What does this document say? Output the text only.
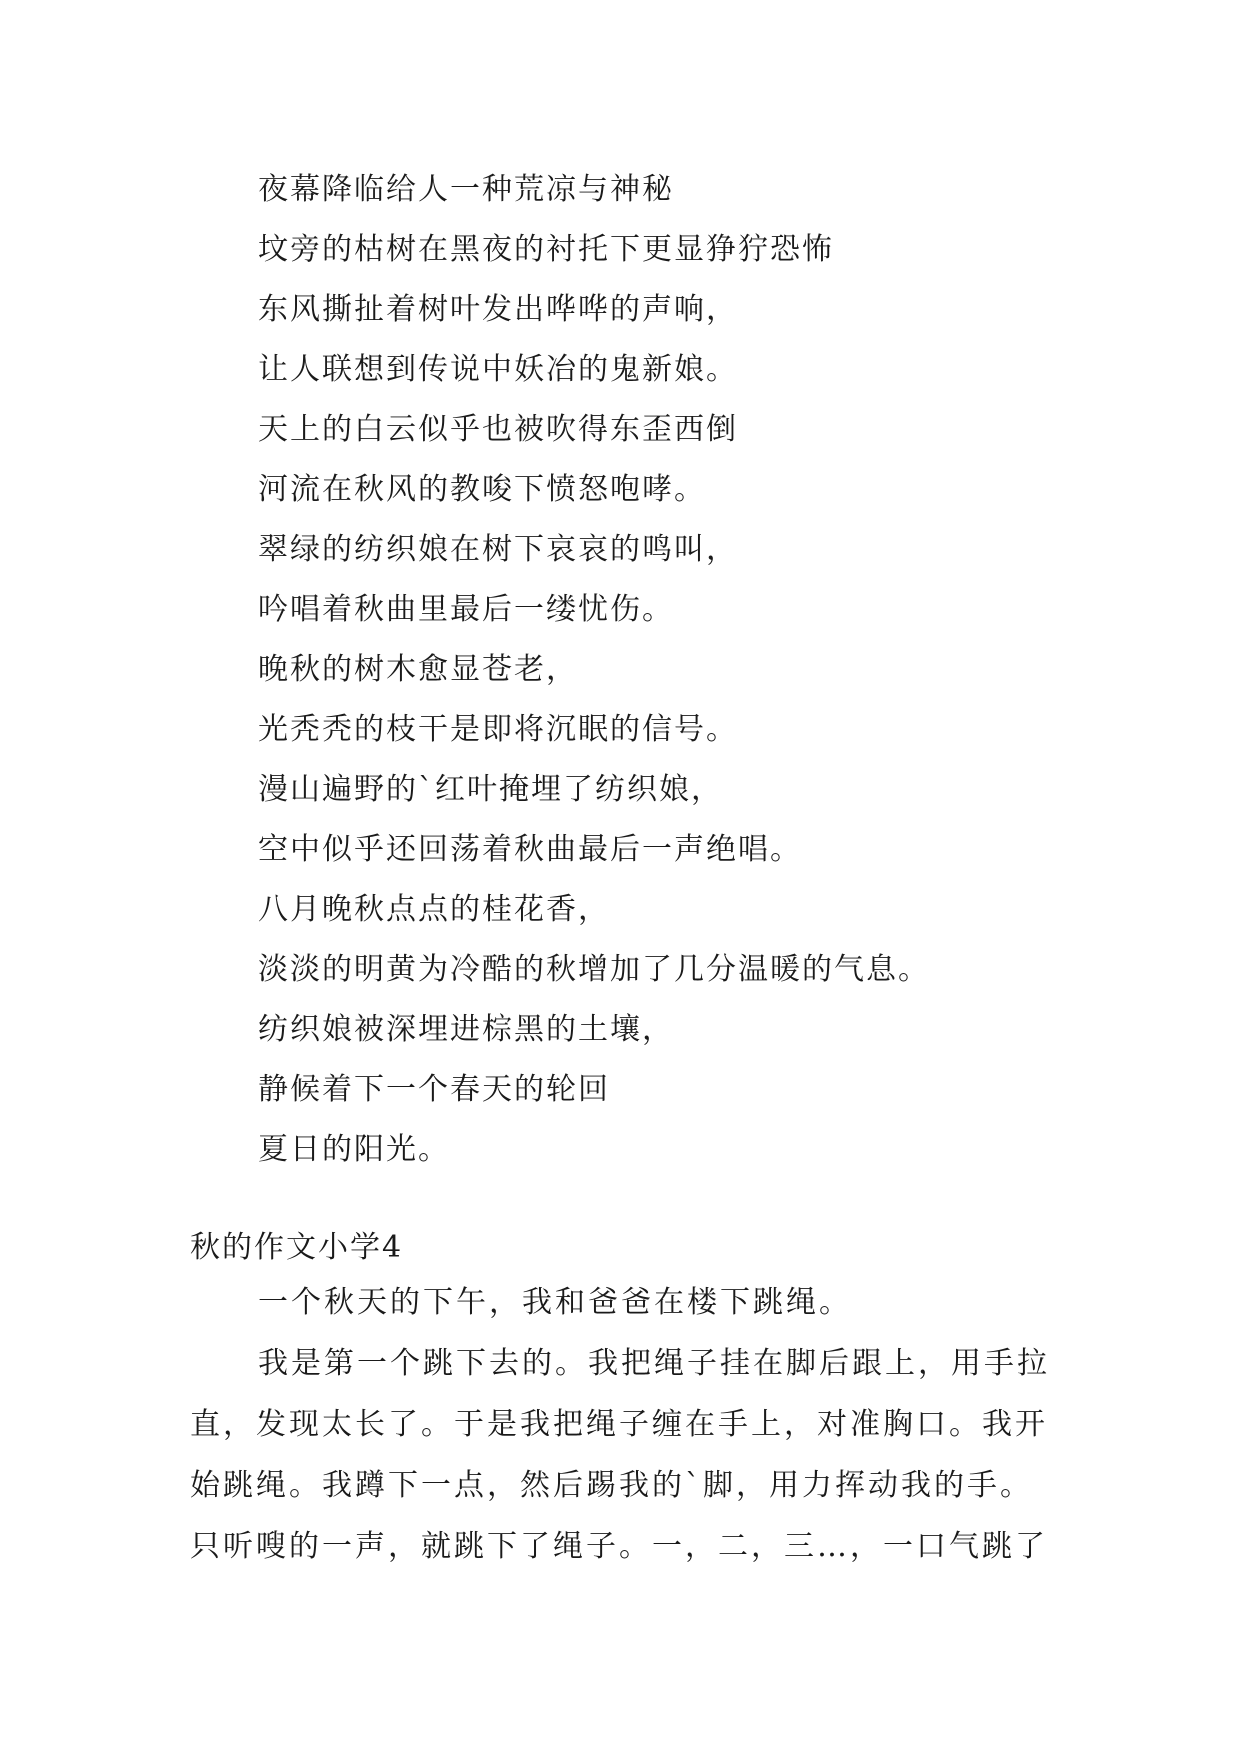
夜幕降临给人一种荒凉与神秘
坟旁的枯树在黑夜的衬托下更显狰狞恐怖
东风撕扯着树叶发出哗哗的声响，
让人联想到传说中妖冶的鬼新娘。
天上的白云似乎也被吹得东歪西倒
河流在秋风的教唆下愤怒咆哮。
翠绿的纺织娘在树下哀哀的鸣叫，
吟唱着秋曲里最后一缕忧伤。
晚秋的树木愈显苍老，
光秃秃的枝干是即将沉眠的信号。
漫山遍野的`红叶掩埋了纺织娘，
空中似乎还回荡着秋曲最后一声绝唱。
八月晚秋点点的桂花香，
淡淡的明黄为冷酷的秋增加了几分温暖的气息。
纺织娘被深埋进棕黑的土壤，
静候着下一个春天的轮回
夏日的阳光。
秋的作文小学4
一个秋天的下午，我和爸爸在楼下跳绳。
我是第一个跳下去的。我把绳子挂在脚后跟上，用手拉
直，发现太长了。于是我把绳子缠在手上，对准胸口。我开
始跳绳。我蹲下一点，然后踢我的`脚，用力挥动我的手。
只听嗖的一声，就跳下了绳子。一，二，三…，一口气跳了
